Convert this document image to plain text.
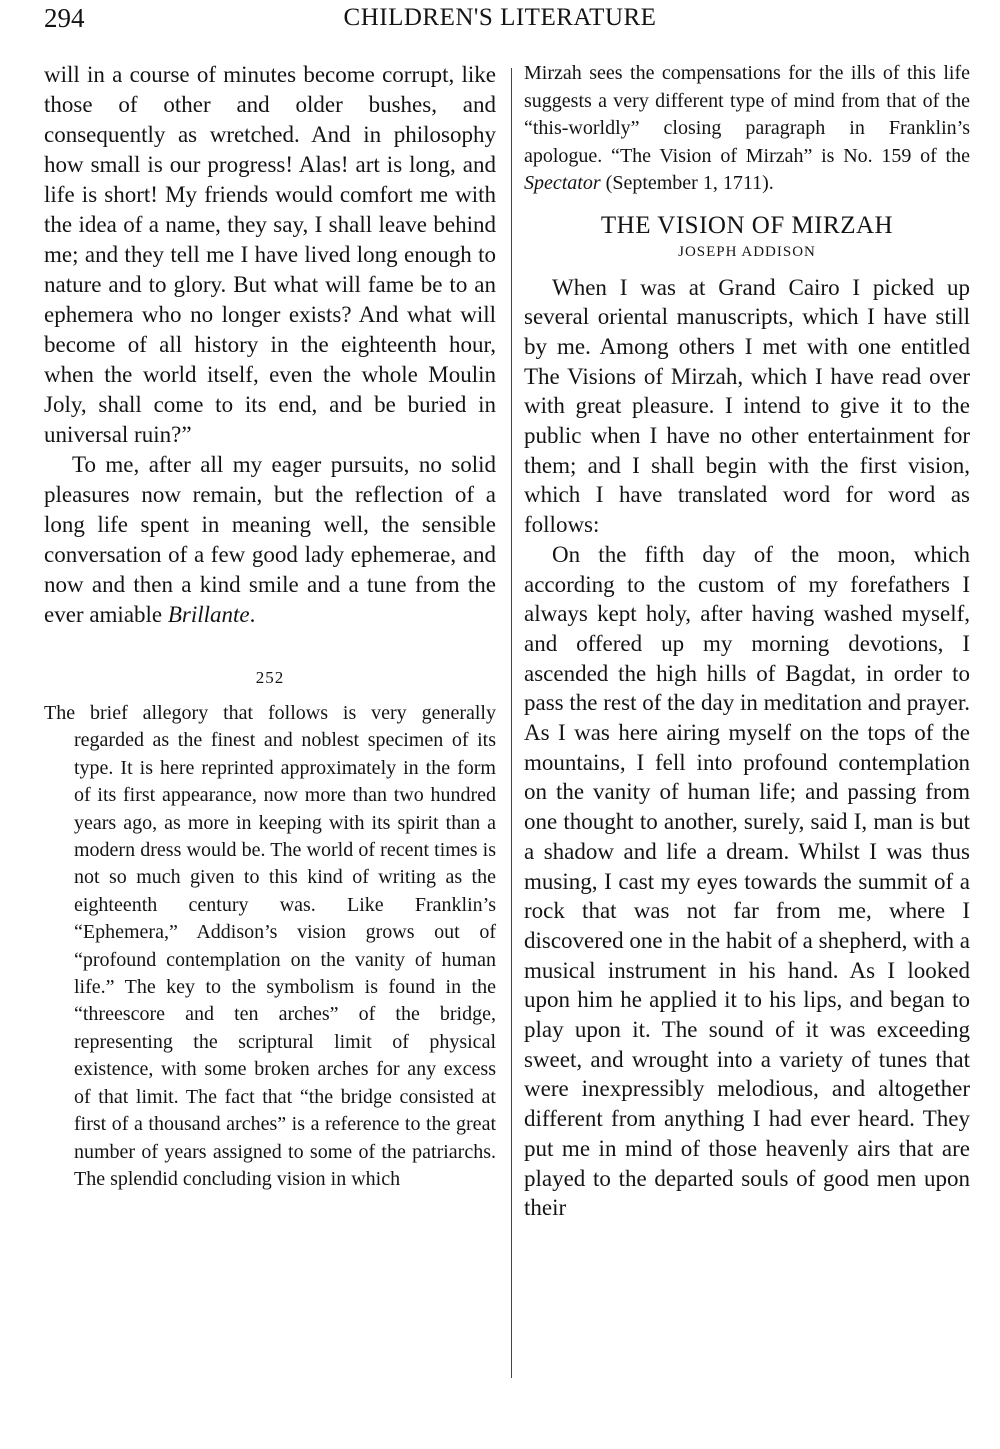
294	CHILDREN'S LITERATURE

will in a course of minutes become corrupt, like those of other and older bushes, and consequently as wretched. And in philosophy how small is our progress! Alas! art is long, and life is short! My friends would comfort me with the idea of a name, they say, I shall leave behind me; and they tell me I have lived long enough to nature and to glory. But what will fame be to an ephemera who no longer exists? And what will become of all history in the eighteenth hour, when the world itself, even the whole Moulin Joly, shall come to its end, and be buried in universal ruin?”

To me, after all my eager pursuits, no solid pleasures now remain, but the reflection of a long life spent in meaning well, the sensible conversation of a few good lady ephemerae, and now and then a kind smile and a tune from the ever amiable Brillante.

252

The brief allegory that follows is very generally regarded as the finest and noblest specimen of its type. It is here reprinted approximately in the form of its first appearance, now more than two hundred years ago, as more in keeping with its spirit than a modern dress would be. The world of recent times is not so much given to this kind of writing as the eighteenth century was. Like Franklin’s “Ephemera,” Addison’s vision grows out of “profound contemplation on the vanity of human life.” The key to the symbolism is found in the “threescore and ten arches” of the bridge, representing the scriptural limit of physical existence, with some broken arches for any excess of that limit. The fact that “the bridge consisted at first of a thousand arches” is a reference to the great number of years assigned to some of the patriarchs. The splendid concluding vision in which

Mirzah sees the compensations for the ills of this life suggests a very different type of mind from that of the “this-worldly” closing paragraph in Franklin’s apologue. “The Vision of Mirzah” is No. 159 of the Spectator (September 1, 1711).

THE VISION OF MIRZAH
JOSEPH ADDISON

When I was at Grand Cairo I picked up several oriental manuscripts, which I have still by me. Among others I met with one entitled The Visions of Mirzah, which I have read over with great pleasure. I intend to give it to the public when I have no other entertainment for them; and I shall begin with the first vision, which I have translated word for word as follows:

On the fifth day of the moon, which according to the custom of my forefathers I always kept holy, after having washed myself, and offered up my morning devotions, I ascended the high hills of Bagdat, in order to pass the rest of the day in meditation and prayer. As I was here airing myself on the tops of the mountains, I fell into profound contemplation on the vanity of human life; and passing from one thought to another, surely, said I, man is but a shadow and life a dream. Whilst I was thus musing, I cast my eyes towards the summit of a rock that was not far from me, where I discovered one in the habit of a shepherd, with a musical instrument in his hand. As I looked upon him he applied it to his lips, and began to play upon it. The sound of it was exceeding sweet, and wrought into a variety of tunes that were inexpressibly melodious, and altogether different from anything I had ever heard. They put me in mind of those heavenly airs that are played to the departed souls of good men upon their
